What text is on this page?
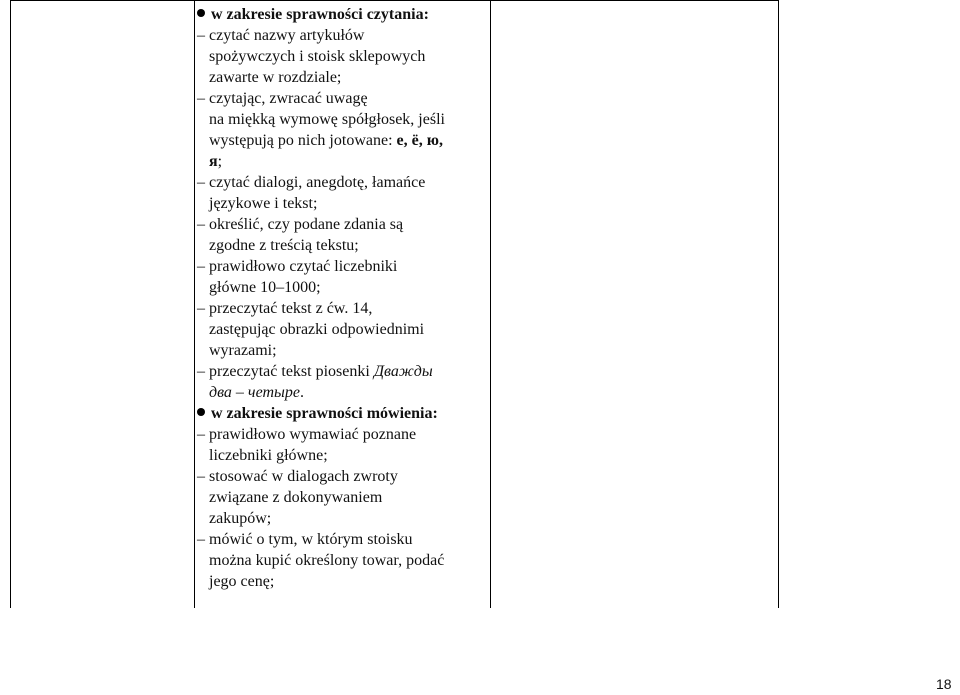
w zakresie sprawności czytania:
– czytać nazwy artykułów
spożywczych i stoisk sklepowych
zawarte w rozdziale;
– czytając, zwracać uwagę
na miękką wymowę spółgłosek, jeśli
występują po nich jotowane: е, ё, ю,
я;
– czytać dialogi, anegdotę, łamańce
językowe i tekst;
– określić, czy podane zdania są
zgodne z treścią tekstu;
– prawidłowo czytać liczebniki
główne 10–1000;
– przeczytać tekst z ćw. 14,
zastępując obrazki odpowiednimi
wyrazami;
– przeczytać tekst piosenki Дважды
два – четыре.
w zakresie sprawności mówienia:
– prawidłowo wymawiać poznane
liczebniki główne;
– stosować w dialogach zwroty
związane z dokonywaniem
zakupów;
– mówić o tym, w którym stoisku
można kupić określony towar, podać
jego cenę;
18
